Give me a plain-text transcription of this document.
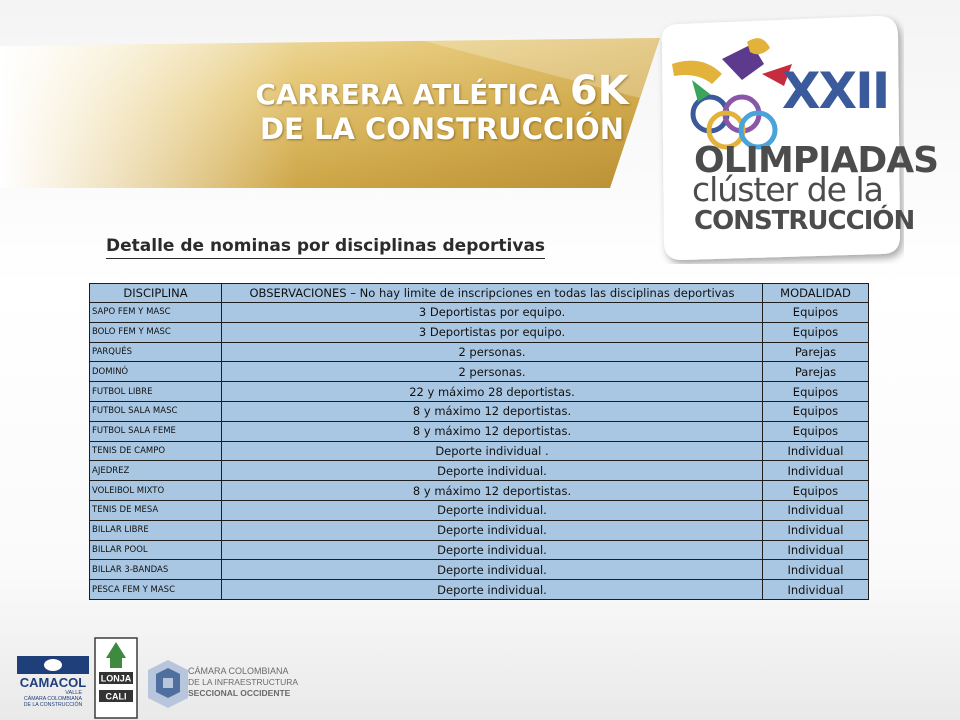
CARRERA ATLÉTICA 6K
DE LA CONSTRUCCIÓN
XXII
OLIMPIADAS
clúster de la
CONSTRUCCIÓN
Detalle de nominas por disciplinas deportivas
DISCIPLINA	OBSERVACIONES – No hay limite de inscripciones en todas las disciplinas deportivas	MODALIDAD
SAPO FEM Y MASC	3 Deportistas por equipo.	Equipos
BOLO FEM Y MASC	3 Deportistas por equipo.	Equipos
PARQUÉS	2 personas.	Parejas
DOMINÓ	2 personas.	Parejas
FUTBOL LIBRE	22 y máximo 28 deportistas.	Equipos
FUTBOL SALA MASC	8 y máximo 12 deportistas.	Equipos
FUTBOL SALA FEME	8 y máximo 12 deportistas.	Equipos
TENIS DE CAMPO	Deporte individual .	Individual
AJEDREZ	Deporte individual.	Individual
VOLEIBOL MIXTO	8 y máximo 12 deportistas.	Equipos
TENIS DE MESA	Deporte individual.	Individual
BILLAR LIBRE	Deporte individual.	Individual
BILLAR POOL	Deporte individual.	Individual
BILLAR 3-BANDAS	Deporte individual.	Individual
PESCA FEM Y MASC	Deporte individual.	Individual
CAMACOL
VALLE
CÁMARA COLOMBIANA
DE LA CONSTRUCCIÓN
LONJA
CALI
CÁMARA COLOMBIANA
DE LA INFRAESTRUCTURA
SECCIONAL OCCIDENTE
